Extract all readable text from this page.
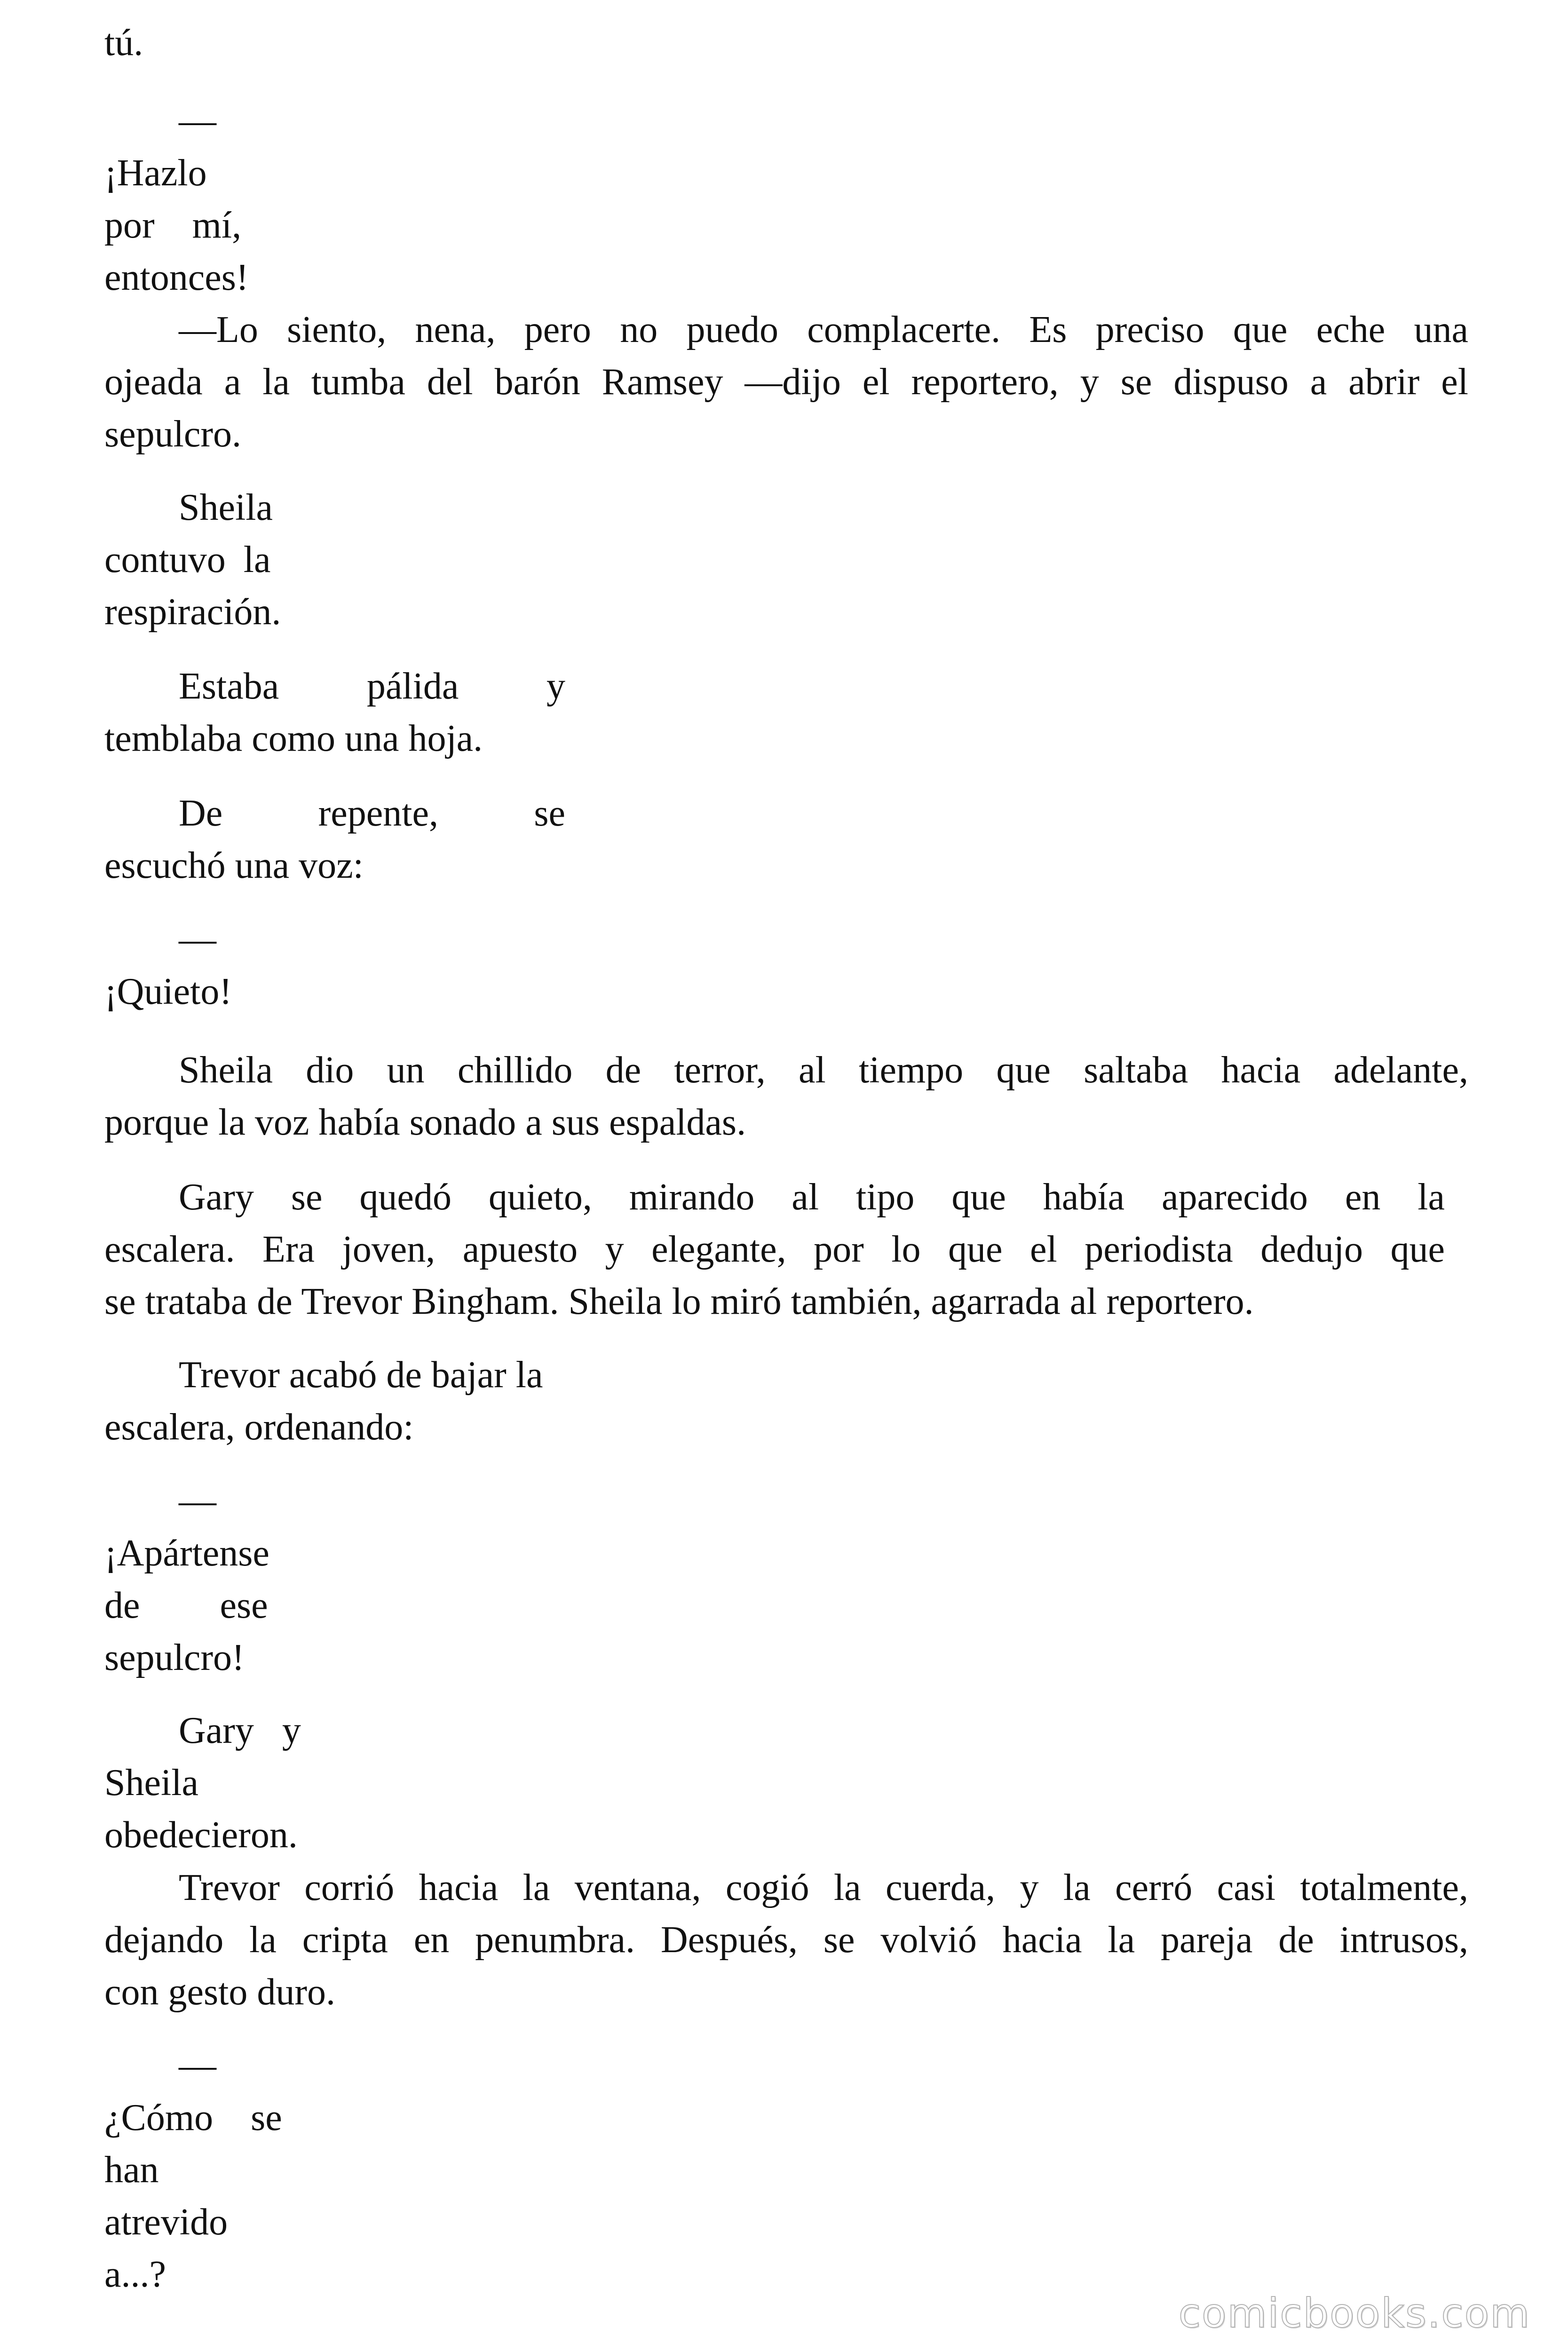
tú.
—
¡Hazlo
por mí,
entonces!
—Lo siento, nena, pero no puedo complacerte. Es preciso que eche una
ojeada a la tumba del barón Ramsey —dijo el reportero, y se dispuso a abrir el
sepulcro.
Sheila
contuvo la
respiración.
Estaba pálida y
temblaba como una hoja.
De	repente,	se
escuchó una voz:
—
¡Quieto!
Sheila dio un chillido de terror, al tiempo que saltaba hacia adelante,
porque la voz había sonado a sus espaldas.
Gary se quedó quieto, mirando al tipo que había aparecido en la
escalera. Era joven, apuesto y elegante, por lo que el periodista dedujo que
se trataba de Trevor Bingham. Sheila lo miró también, agarrada al reportero.
Trevor acabó de bajar la
escalera, ordenando:
—
¡Apártense
de ese
sepulcro!
Gary y
Sheila
obedecieron.
Trevor corrió hacia la ventana, cogió la cuerda, y la cerró casi totalmente,
dejando la cripta en penumbra. Después, se volvió hacia la pareja de intrusos,
con gesto duro.
—
¿Cómo se
han
atrevido
a...?
comicbooks.com
